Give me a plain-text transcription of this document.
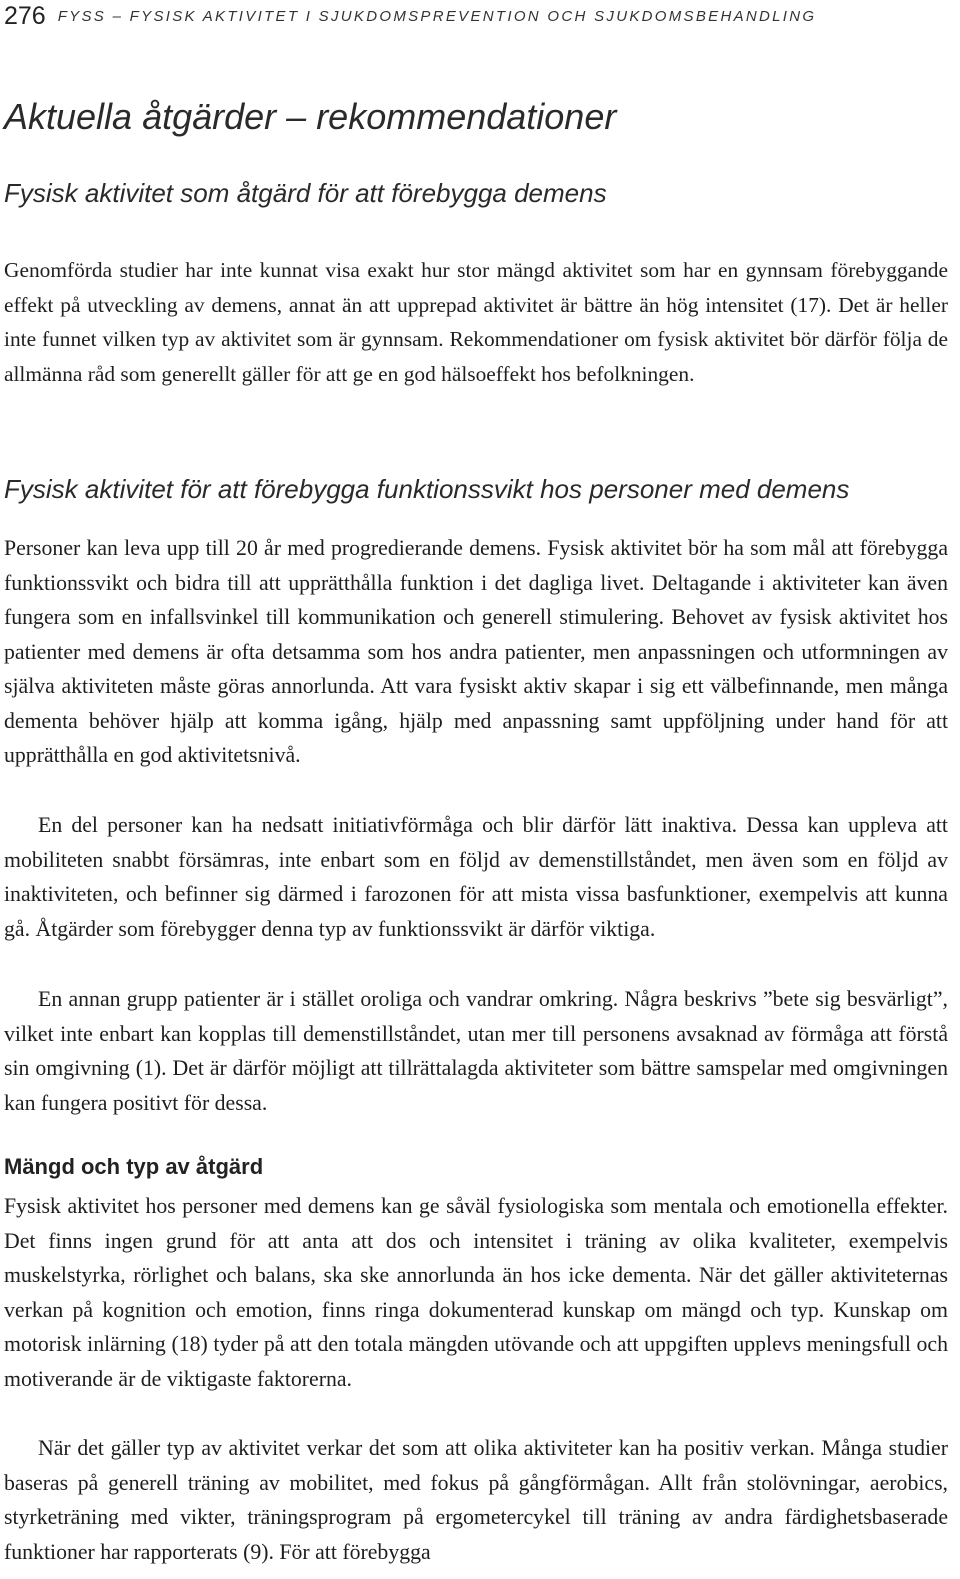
276 FYSS – FYSISK AKTIVITET I SJUKDOMSPREVENTION OCH SJUKDOMSBEHANDLING
Aktuella åtgärder – rekommendationer
Fysisk aktivitet som åtgärd för att förebygga demens

Genomförda studier har inte kunnat visa exakt hur stor mängd aktivitet som har en gynnsam förebyggande effekt på utveckling av demens, annat än att upprepad aktivitet är bättre än hög intensitet (17). Det är heller inte funnet vilken typ av aktivitet som är gynnsam. Rekommendationer om fysisk aktivitet bör därför följa de allmänna råd som generellt gäller för att ge en god hälsoeffekt hos befolkningen.

Fysisk aktivitet för att förebygga funktionssvikt hos personer med demens

Personer kan leva upp till 20 år med progredierande demens. Fysisk aktivitet bör ha som mål att förebygga funktionssvikt och bidra till att upprätthålla funktion i det dagliga livet. Deltagande i aktiviteter kan även fungera som en infallsvinkel till kommunikation och generell stimulering. Behovet av fysisk aktivitet hos patienter med demens är ofta detsamma som hos andra patienter, men anpassningen och utformningen av själva aktiviteten måste göras annorlunda. Att vara fysiskt aktiv skapar i sig ett välbefinnande, men många dementa behöver hjälp att komma igång, hjälp med anpassning samt uppföljning under hand för att upprätthålla en god aktivitetsnivå.

En del personer kan ha nedsatt initiativförmåga och blir därför lätt inaktiva. Dessa kan uppleva att mobiliteten snabbt försämras, inte enbart som en följd av demenstillståndet, men även som en följd av inaktiviteten, och befinner sig därmed i farozonen för att mista vissa basfunktioner, exempelvis att kunna gå. Åtgärder som förebygger denna typ av funktionssvikt är därför viktiga.

En annan grupp patienter är i stället oroliga och vandrar omkring. Några beskrivs ”bete sig besvärligt”, vilket inte enbart kan kopplas till demenstillståndet, utan mer till personens avsaknad av förmåga att förstå sin omgivning (1). Det är därför möjligt att tillrättalagda aktiviteter som bättre samspelar med omgivningen kan fungera positivt för dessa.

Mängd och typ av åtgärd

Fysisk aktivitet hos personer med demens kan ge såväl fysiologiska som mentala och emotionella effekter. Det finns ingen grund för att anta att dos och intensitet i träning av olika kvaliteter, exempelvis muskelstyrka, rörlighet och balans, ska ske annorlunda än hos icke dementa. När det gäller aktiviteternas verkan på kognition och emotion, finns ringa dokumenterad kunskap om mängd och typ. Kunskap om motorisk inlärning (18) tyder på att den totala mängden utövande och att uppgiften upplevs meningsfull och motiverande är de viktigaste faktorerna.

När det gäller typ av aktivitet verkar det som att olika aktiviteter kan ha positiv verkan. Många studier baseras på generell träning av mobilitet, med fokus på gångförmågan. Allt från stolövningar, aerobics, styrketräning med vikter, träningsprogram på ergometercykel till träning av andra färdighetsbaserade funktioner har rapporterats (9). För att förebygga
